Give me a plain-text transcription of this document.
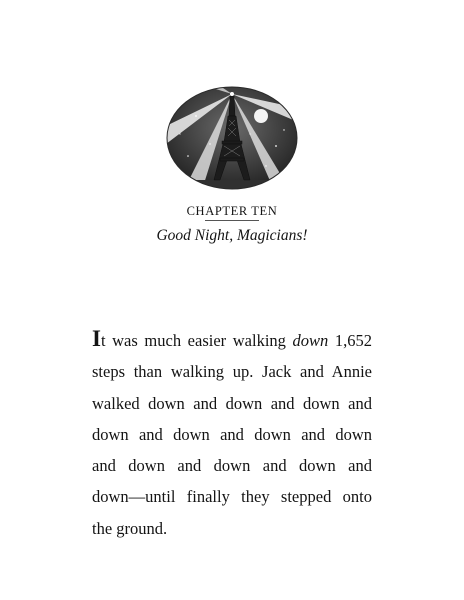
CHAPTER TEN
Good Night, Magicians!
It was much easier walking down 1,652
steps than walking up. Jack and Annie
walked down and down and down and
down and down and down and down
and down and down and down and
down—until finally they stepped onto
the ground.
